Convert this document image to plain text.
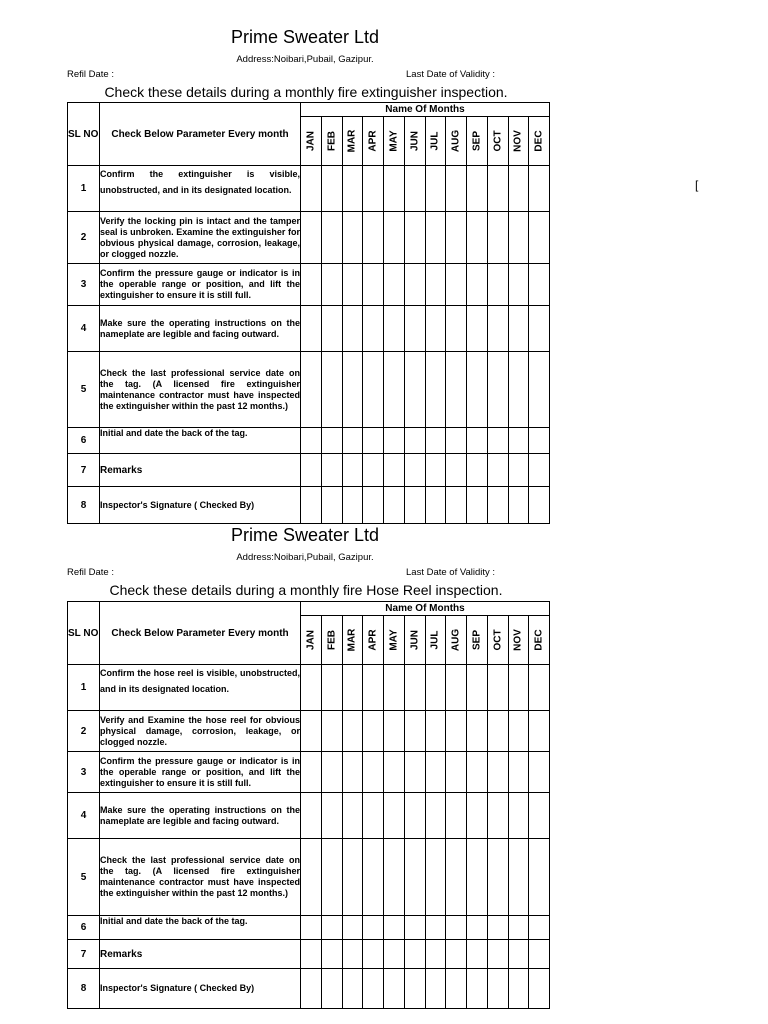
Prime Sweater Ltd
Address:Noibari,Pubail, Gazipur.
Refil Date :	Last Date of Validity :
Check these details during a monthly fire extinguisher inspection.
[
SL NO	Check Below Parameter Every month	Name Of Months											

		JAN	FEB	MAR	APR	MAY	JUN	JUL	AUG	SEP	OCT	NOV	DEC

1	Confirm the extinguisher is visible, unobstructed, and in its designated location.												
2	Verify the locking pin is intact and the tamper seal is unbroken. Examine the extinguisher for obvious physical damage, corrosion, leakage, or clogged nozzle.												
3	Confirm the pressure gauge or indicator is in the operable range or position, and lift the extinguisher to ensure it is still full.												
4	Make sure the operating instructions on the nameplate are legible and facing outward.												
5	Check the last professional service date on the tag. (A licensed fire extinguisher maintenance contractor must have inspected the extinguisher within the past 12 months.)												
6	Initial and date the back of the tag.												
7	Remarks												
8	Inspector's Signature ( Checked By)												
Prime Sweater Ltd
Address:Noibari,Pubail, Gazipur.
Refil Date :	Last Date of Validity :
Check these details during a monthly fire Hose Reel inspection.
SL NO	Check Below Parameter Every month	Name Of Months											

		JAN	FEB	MAR	APR	MAY	JUN	JUL	AUG	SEP	OCT	NOV	DEC

1	Confirm the hose reel is visible, unobstructed, and in its designated location.												
2	Verify and Examine the hose reel for obvious physical damage, corrosion, leakage, or clogged nozzle.												
3	Confirm the pressure gauge or indicator is in the operable range or position, and lift the extinguisher to ensure it is still full.												
4	Make sure the operating instructions on the nameplate are legible and facing outward.												
5	Check the last professional service date on the tag. (A licensed fire extinguisher maintenance contractor must have inspected the extinguisher within the past 12 months.)												
6	Initial and date the back of the tag.												
7	Remarks												
8	Inspector's Signature ( Checked By)												
